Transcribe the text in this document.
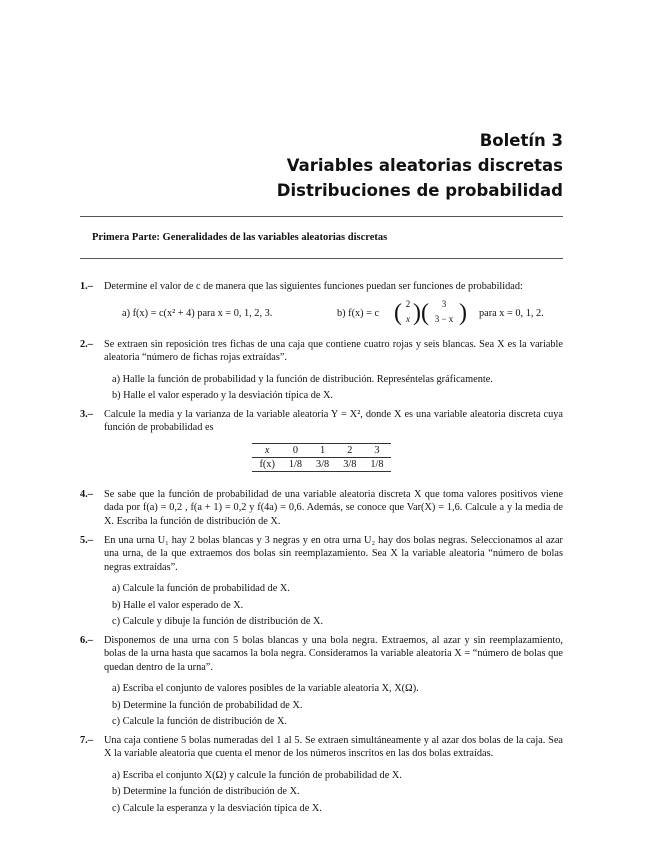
Boletín 3
Variables aleatorias discretas
Distribuciones de probabilidad
Primera Parte: Generalidades de las variables aleatorias discretas
1.– Determine el valor de c de manera que las siguientes funciones puedan ser funciones de probabilidad:
a) f(x) = c(x² + 4) para x = 0, 1, 2, 3.	b) f(x) = c ( 2
x ) (	3
3 − x ) para x = 0, 1, 2.
2.– Se extraen sin reposición tres fichas de una caja que contiene cuatro rojas y seis blancas. Sea X es la variable aleatoria “número de fichas rojas extraídas”.
a) Halle la función de probabilidad y la función de distribución. Represéntelas gráficamente.
b) Halle el valor esperado y la desviación típica de X.
3.– Calcule la media y la varianza de la variable aleatoria Y = X², donde X es una variable aleatoria discreta cuya función de probabilidad es
x	0	1	2	3
f(x)	1/8	3/8	3/8	1/8
4.– Se sabe que la función de probabilidad de una variable aleatoria discreta X que toma valores positivos viene dada por f(a) = 0,2 , f(a + 1) = 0,2 y f(4a) = 0,6. Además, se conoce que Var(X) = 1,6. Calcule a y la media de X. Escriba la función de distribución de X.
5.– En una urna U₁ hay 2 bolas blancas y 3 negras y en otra urna U₂ hay dos bolas negras. Seleccionamos al azar una urna, de la que extraemos dos bolas sin reemplazamiento. Sea X la variable aleatoria “número de bolas negras extraídas”.
a) Calcule la función de probabilidad de X.
b) Halle el valor esperado de X.
c) Calcule y dibuje la función de distribución de X.
6.– Disponemos de una urna con 5 bolas blancas y una bola negra. Extraemos, al azar y sin reemplazamiento, bolas de la urna hasta que sacamos la bola negra. Consideramos la variable aleatoria X = “número de bolas que quedan dentro de la urna”.
a) Escriba el conjunto de valores posibles de la variable aleatoria X, X(Ω).
b) Determine la función de probabilidad de X.
c) Calcule la función de distribución de X.
7.– Una caja contiene 5 bolas numeradas del 1 al 5. Se extraen simultáneamente y al azar dos bolas de la caja. Sea X la variable aleatoria que cuenta el menor de los números inscritos en las dos bolas extraídas.
a) Escriba el conjunto X(Ω) y calcule la función de probabilidad de X.
b) Determine la función de distribución de X.
c) Calcule la esperanza y la desviación típica de X.
